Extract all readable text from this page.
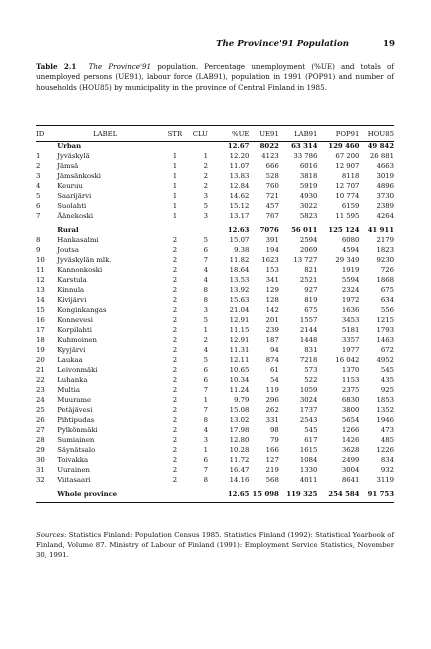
The Province'91 Population	19
Table 2.1 The Province'91 population. Percentage unemployment (%UE) and totals of unemployed persons (UE91), labour force (LAB91), population in 1991 (POP91) and number of households (HOU85) by municipality in the province of Central Finland in 1985.
ID	LABEL	STR	CLU	%UE	UE91	LAB91	POP91	HOU85
	Urban			12.67	8022	63 314	129 460	49 842
1	Jyväskylä	1	1	12.20	4123	33 786	67 200	26 881
2	Jämsä	1	2	11.07	666	6016	12 907	4663
3	Jämsänkoski	1	2	13.83	528	3818	8118	3019
4	Keuruu	1	2	12.84	760	5919	12 707	4896
5	Saarijärvi	1	3	14.62	721	4930	10 774	3730
6	Suolahti	1	5	15.12	457	3022	6159	2389
7	Äänekoski	1	3	13.17	767	5823	11 595	4264

	Rural			12.63	7076	56 011	125 124	41 911
8	Hankasalmi	2	5	15.07	391	2594	6080	2179
9	Joutsa	2	6	9.38	194	2069	4594	1823
10	Jyväskylän mlk.	2	7	11.82	1623	13 727	29 349	9230
11	Kannonkoski	2	4	18.64	153	821	1919	726
12	Karstula	2	4	13.53	341	2521	5594	1868
13	Kinnula	2	8	13.92	129	927	2324	675
14	Kivijärvi	2	8	15.63	128	819	1972	634
15	Konginkangas	2	3	21.04	142	675	1636	556
16	Konnevesi	2	5	12.91	201	1557	3453	1215
17	Korpilahti	2	1	11.15	239	2144	5181	1793
18	Kuhmoinen	2	2	12.91	187	1448	3357	1463
19	Kyyjärvi	2	4	11.31	94	831	1977	672
20	Laukaa	2	5	12.11	874	7218	16 042	4952
21	Leivonmäki	2	6	10.65	61	573	1370	545
22	Luhanka	2	6	10.34	54	522	1153	435
23	Multia	2	7	11.24	119	1059	2375	925
24	Muurame	2	1	9.79	296	3024	6830	1853
25	Petäjävesi	2	7	15.08	262	1737	3800	1352
26	Pihtipudas	2	8	13.02	331	2543	5654	1946
27	Pylkönmäki	2	4	17.98	98	545	1266	473
28	Sumiainen	2	3	12.80	79	617	1426	485
29	Säynätsalo	2	1	10.28	166	1615	3628	1226
30	Toivakka	2	6	11.72	127	1084	2499	834
31	Uurainen	2	7	16.47	219	1330	3004	932
32	Viitasaari	2	8	14.16	568	4011	8641	3119

	Whole province			12.65	15 098	119 325	254 584	91 753
Sources: Statistics Finland: Population Census 1985. Statistics Finland (1992): Statistical Yearbook of Finland, Volume 87. Ministry of Labour of Finland (1991): Employment Service Statistics, November 30, 1991.
